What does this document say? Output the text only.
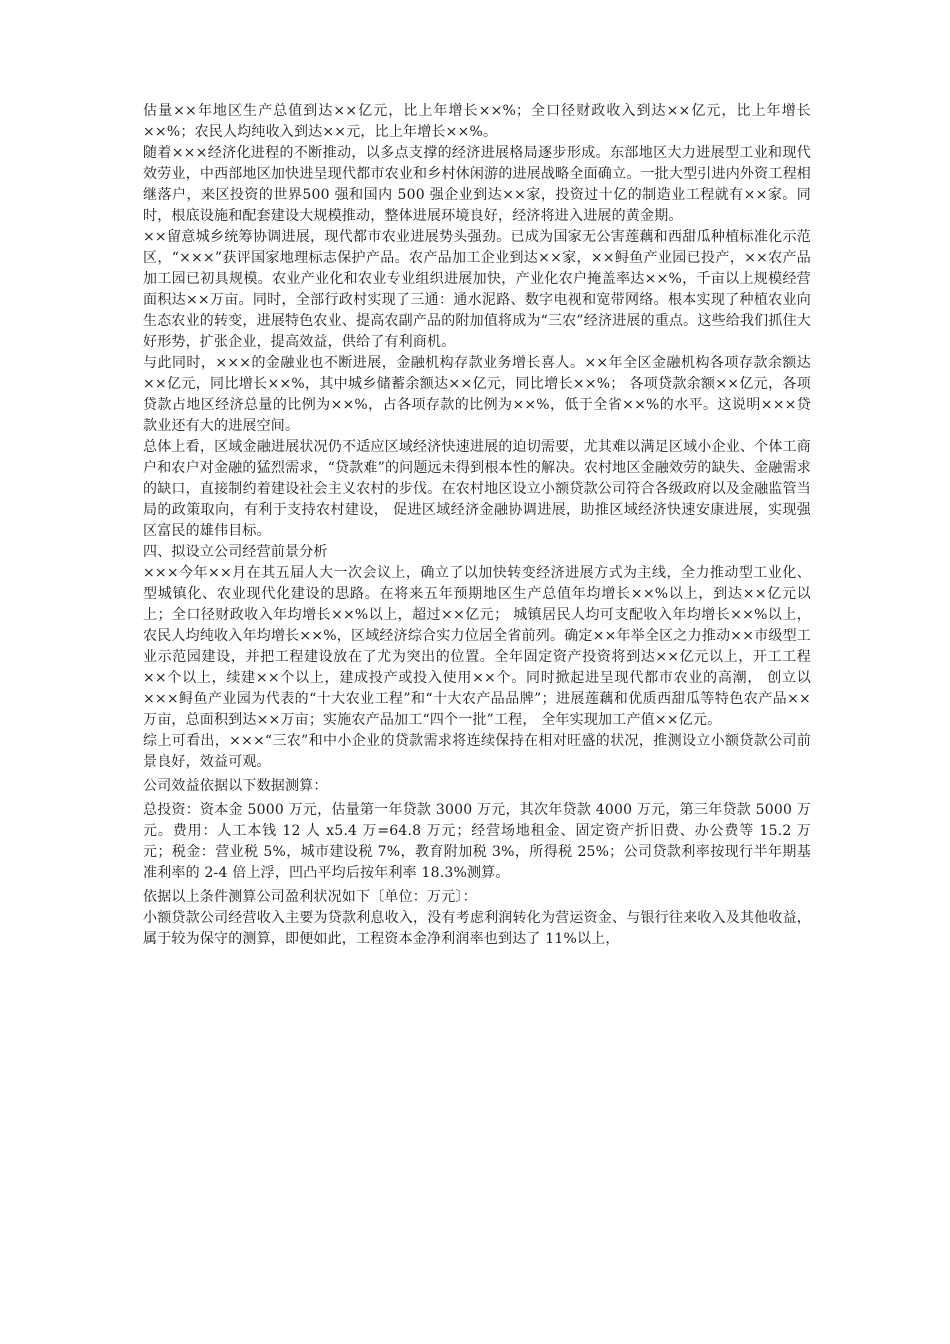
估量××年地区生产总值到达××亿元，比上年增长××%；全口径财政收入到达××亿元，比上年增长××%；农民人均纯收入到达××元，比上年增长××%。

随着×××经济化进程的不断推动，以多点支撑的经济进展格局逐步形成。东部地区大力进展型工业和现代效劳业，中西部地区加快进呈现代都市农业和乡村休闲游的进展战略全面确立。一批大型引进内外资工程相继落户，来区投资的世界500 强和国内 500 强企业到达××家，投资过十亿的制造业工程就有××家。同时，根底设施和配套建设大规模推动，整体进展环境良好，经济将进入进展的黄金期。

××留意城乡统筹协调进展，现代都市农业进展势头强劲。已成为国家无公害莲藕和西甜瓜种植标准化示范区，“×××”获评国家地理标志保护产品。农产品加工企业到达××家，××鲟鱼产业园已投产，××农产品加工园已初具规模。农业产业化和农业专业组织进展加快，产业化农户掩盖率达××%，千亩以上规模经营面积达××万亩。同时，全部行政村实现了三通：通水泥路、数字电视和宽带网络。根本实现了种植农业向生态农业的转变，进展特色农业、提高农副产品的附加值将成为“三农”经济进展的重点。这些给我们抓住大好形势，扩张企业，提高效益，供给了有利商机。

与此同时，×××的金融业也不断进展，金融机构存款业务增长喜人。××年全区金融机构各项存款余额达××亿元，同比增长××%，其中城乡储蓄余额达××亿元，同比增长××%； 各项贷款余额××亿元，各项贷款占地区经济总量的比例为××%，占各项存款的比例为××%，低于全省××%的水平。这说明×××贷款业还有大的进展空间。

总体上看，区域金融进展状况仍不适应区域经济快速进展的迫切需要，尤其难以满足区域小企业、个体工商户和农户对金融的猛烈需求，“贷款难”的问题远未得到根本性的解决。农村地区金融效劳的缺失、金融需求的缺口，直接制约着建设社会主义农村的步伐。在农村地区设立小额贷款公司符合各级政府以及金融监管当局的政策取向，有利于支持农村建设， 促进区域经济金融协调进展，助推区域经济快速安康进展，实现强区富民的雄伟目标。

四、拟设立公司经营前景分析

×××今年××月在其五届人大一次会议上，确立了以加快转变经济进展方式为主线，全力推动型工业化、型城镇化、农业现代化建设的思路。在将来五年预期地区生产总值年均增长××%以上，到达××亿元以上；全口径财政收入年均增长××%以上，超过××亿元； 城镇居民人均可支配收入年均增长××%以上，农民人均纯收入年均增长××%，区域经济综合实力位居全省前列。确定××年举全区之力推动××市级型工业示范园建设，并把工程建设放在了尤为突出的位置。全年固定资产投资将到达××亿元以上，开工工程××个以上，续建××个以上，建成投产或投入使用××个。同时掀起进呈现代都市农业的高潮， 创立以×××鲟鱼产业园为代表的“十大农业工程”和“十大农产品品牌”；进展莲藕和优质西甜瓜等特色农产品××万亩，总面积到达××万亩；实施农产品加工“四个一批”工程， 全年实现加工产值××亿元。

综上可看出，×××“三农”和中小企业的贷款需求将连续保持在相对旺盛的状况，推测设立小额贷款公司前景良好，效益可观。

公司效益依据以下数据测算：

总投资：资本金 5000 万元，估量第一年贷款 3000 万元，其次年贷款 4000 万元，第三年贷款 5000 万元。费用：人工本钱 12 人 x5.4 万=64.8 万元；经营场地租金、固定资产折旧费、办公费等 15.2 万元；税金：营业税 5%，城市建设税 7%，教育附加税 3%，所得税 25%；公司贷款利率按现行半年期基准利率的 2-4 倍上浮，凹凸平均后按年利率 18.3%测算。

依据以上条件测算公司盈利状况如下〔单位：万元〕：

小额贷款公司经营收入主要为贷款利息收入，没有考虑利润转化为营运资金、与银行往来收入及其他收益，属于较为保守的测算，即便如此，工程资本金净利润率也到达了 11%以上，
